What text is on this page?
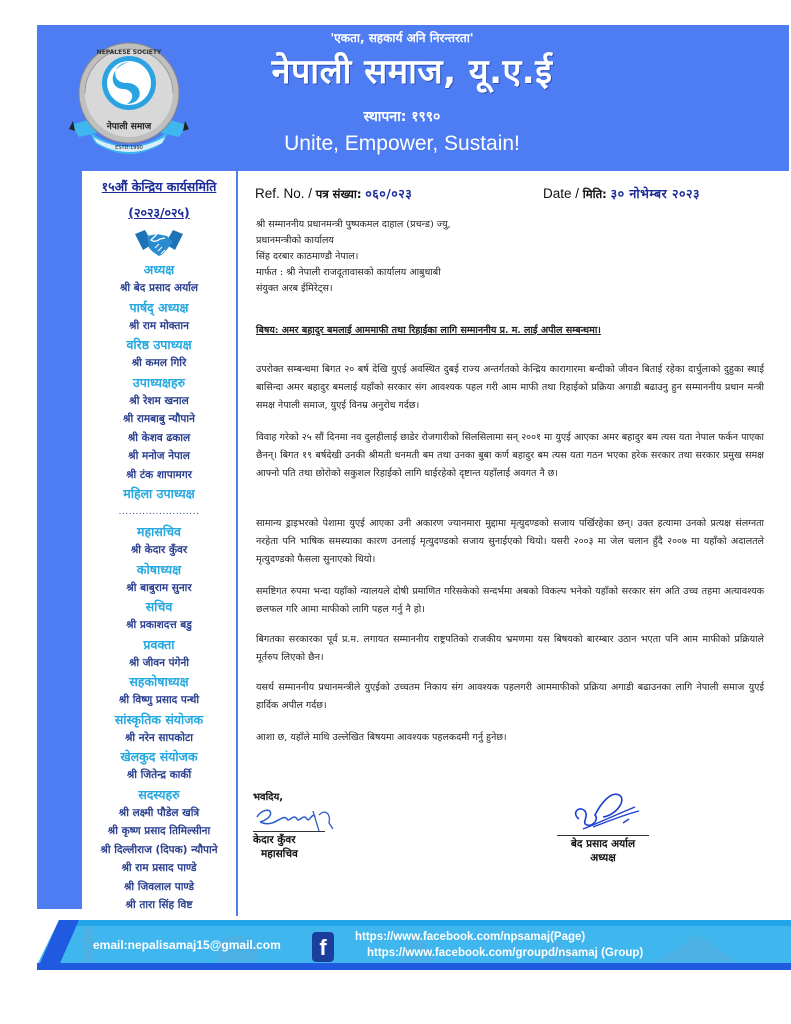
NEPALESE SOCIETY
नेपाली समाज
ESTD:1990
'एकता, सहकार्य अनि निरन्तरता'
नेपाली समाज, यू.ए.ई
स्थापना: १९९०
Unite, Empower, Sustain!
१५औं केन्द्रिय कार्यसमिति
(२०२३/०२५)
अध्यक्ष
श्री बेद प्रसाद अर्याल
पार्षद् अध्यक्ष
श्री राम मोक्तान
वरिष्ठ उपाध्यक्ष
श्री कमल गिरि
उपाध्यक्षहरु
श्री रेशम खनाल
श्री रामबाबु न्यौपाने
श्री केशव ढकाल
श्री मनोज नेपाल
श्री टंक शापामगर
महिला उपाध्यक्ष
........................
महासचिव
श्री केदार कुँवर
कोषाध्यक्ष
श्री बाबुराम सुनार
सचिव
श्री प्रकाशदत्त बडु
प्रवक्ता
श्री जीवन पंगेनी
सहकोषाध्यक्ष
श्री विष्णु प्रसाद पन्थी
सांस्कृतिक संयोजक
श्री नरेन सापकोटा
खेलकुद संयोजक
श्री जितेन्द्र कार्की
सदस्यहरु
श्री लक्ष्मी पौडेल खत्रि
श्री कृष्ण प्रसाद तिमिल्सीना
श्री दिल्लीराज (दिपक) न्यौपाने
श्री राम प्रसाद पाण्डे
श्री जिवलाल पाण्डे
श्री तारा सिंह विष्ट
Ref. No. / पत्र संख्या: ०६०/०२३	Date / मिति: ३० नोभेम्बर २०२३
श्री सम्माननीय प्रधानमन्त्री पुष्पकमल दाहाल (प्रचन्ड) ज्यु,
प्रधानमन्त्रीको कार्यालय
सिंह दरबार काठमाण्डौ नेपाल।
मार्फत : श्री नेपाली राजदूतावासको कार्यालय आबुधाबी
संयुक्त अरब ईमिरेट्स।
बिषय: अमर बहादुर बमलाई आममाफी तथा रिहाईका लागि सम्माननीय प्र. म. लाई अपील सम्बन्धमा।

उपरोक्त सम्बन्धमा बिगत २० बर्ष देखि युएई अवस्थित दुबई राज्य अन्तर्गतको केन्द्रिय कारागारमा बन्दीको जीवन बिताई रहेका दार्चुलाको दुहुका स्थाई बासिन्दा अमर बहादुर बमलाई यहाँको सरकार संग आवश्यक पहल गरी आम माफी तथा रिहाईको प्रक्रिया अगाडी बढाउनु हुन सम्माननीय प्रधान मन्त्री समक्ष नेपाली समाज, युएई विनम्र अनुरोध गर्दछ।

विवाह गरेको २५ सौं दिनमा नव दुलहीलाई छाडेर रोजगारीको सिलसिलामा सन् २००१ मा युएई आएका अमर बहादुर बम त्यस यता नेपाल फर्कन पाएका छैनन्। बिगत १९ बर्षदेखी उनकी श्रीमती धनमती बम तथा उनका बुबा कर्ण बहादुर बम त्यस यता गठन भएका हरेक सरकार तथा सरकार प्रमुख समक्ष आफ्नो पति तथा छोरोको सकुशल रिहाईको लागि धाईरहेको दृष्टान्त यहाँलाई अवगत नै छ।

सामान्य ड्राइभरको पेशामा युएई आएका उनी अकारण ज्यानमारा मुद्दामा मृत्युदण्डको सजाय पर्खिरहेका छन्। उक्त हत्यामा उनको प्रत्यक्ष संलग्नता नरहेता पनि भाषिक समस्याका कारण उनलाई मृत्युदण्डको सजाय सुनाईएको थियो। यसरी २००३ मा जेल चलान हुँदै २००७ मा यहाँको अदालतले मृत्युदण्डको फैसला सुनाएको थियो।

समष्टिगत रुपमा भन्दा यहाँको न्यालयले दोषी प्रमाणित गरिसकेको सन्दर्भमा अबको विकल्प भनेको यहाँको सरकार संग अति उच्च तहमा अत्यावश्यक छलफल गरि आमा माफीको लागि पहल गर्नु नै हो।

बिगतका सरकारका पूर्व प्र.म. लगायत सम्माननीय राष्ट्रपतिको राजकीय भ्रमणमा यस बिषयको बारम्बार उठान भएता पनि आम माफीको प्रक्रियाले मूर्तरुप लिएको छैन।

यसर्थ सम्माननीय प्रधानमन्त्रीले युएईको उच्चतम निकाय संग आवश्यक पहलगरी आममाफीको प्रक्रिया अगाडी बढाउनका लागि नेपाली समाज युएई हार्दिक अपील गर्दछ।

आशा छ, यहाँले माथि उल्लेखित बिषयमा आवश्यक पहलकदमी गर्नु हुनेछ।

भवदिय,
केदार कुँवर
महासचिव
बेद प्रसाद अर्याल
अध्यक्ष
email:nepalisamaj15@gmail.com	f	https://www.facebook.com/npsamaj(Page)
https://www.facebook.com/groupd/nsamaj (Group)
